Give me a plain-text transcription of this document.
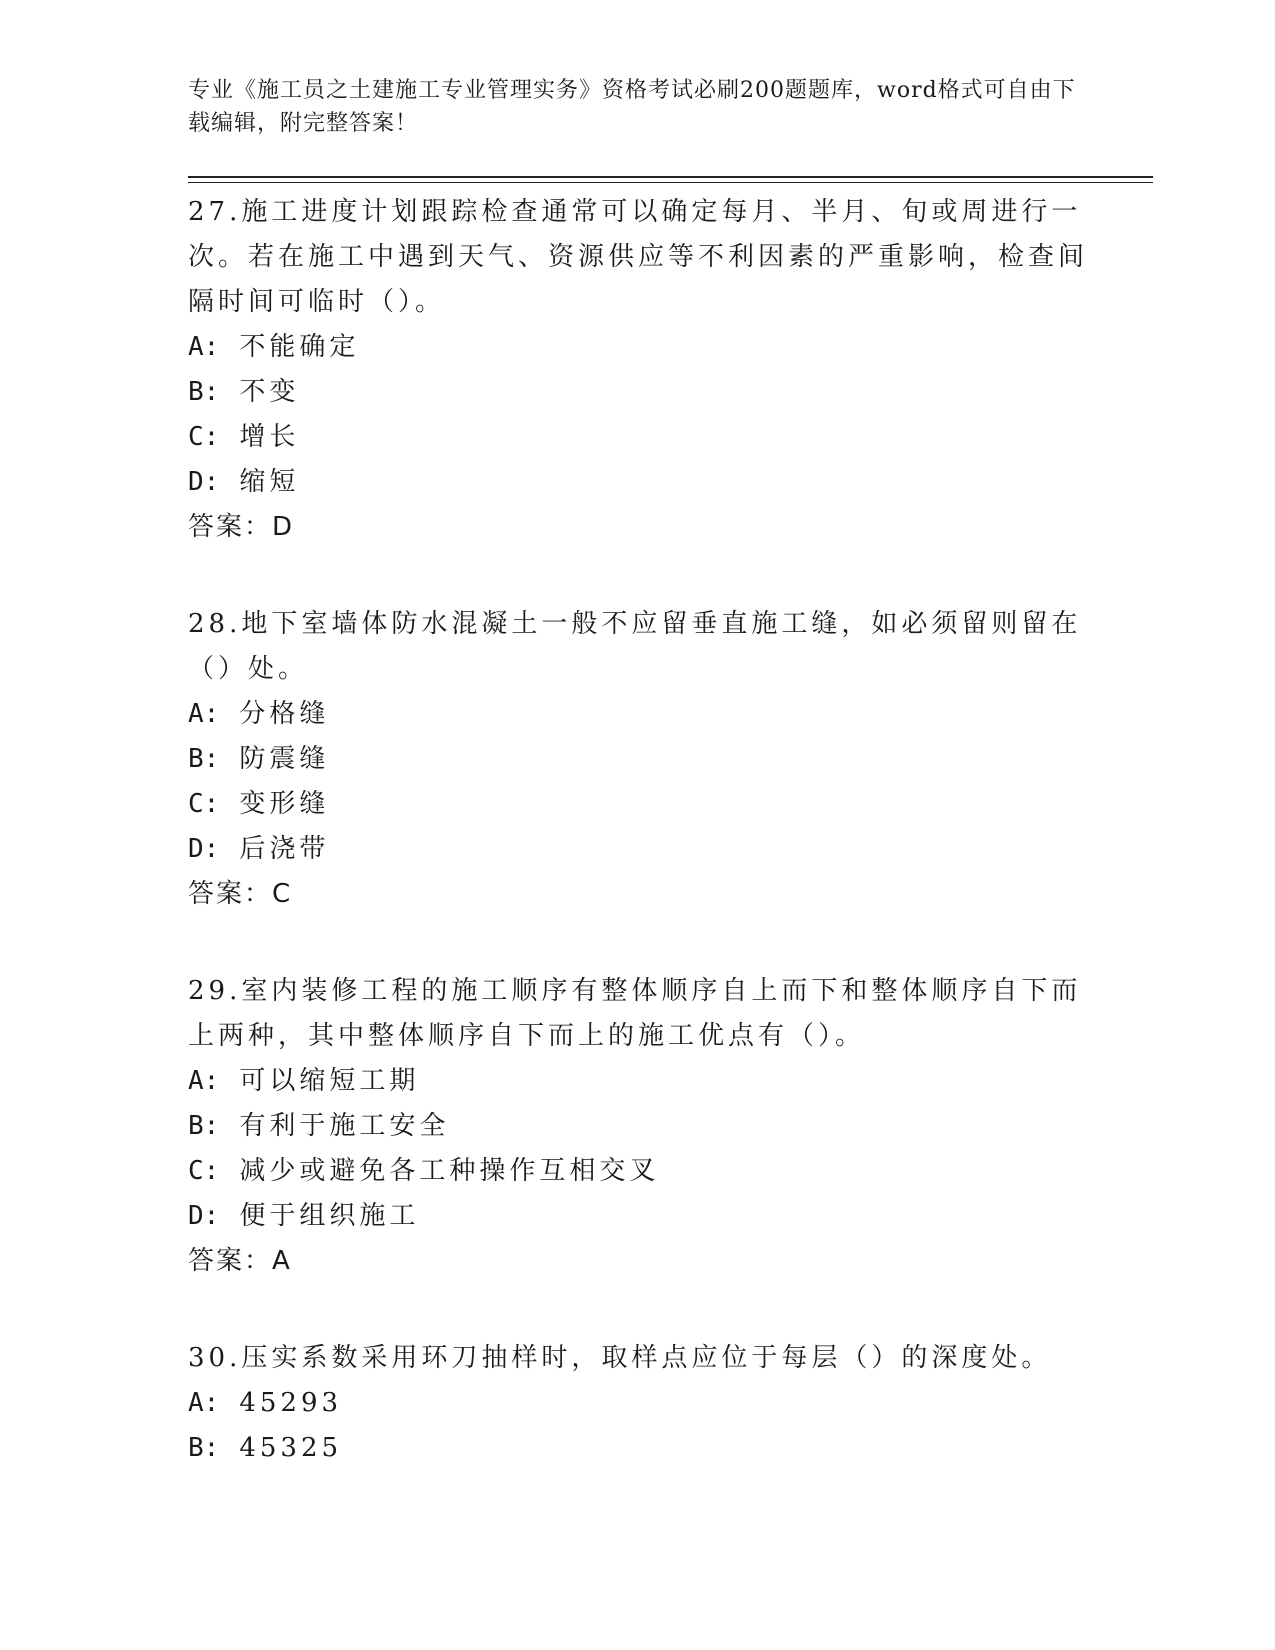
专业《施工员之土建施工专业管理实务》资格考试必刷200题题库，word格式可自由下载编辑，附完整答案！
27.施工进度计划跟踪检查通常可以确定每月、半月、旬或周进行一次。若在施工中遇到天气、资源供应等不利因素的严重影响，检查间隔时间可临时（）。
A: 不能确定
B: 不变
C: 增长
D: 缩短
答案：D
28.地下室墙体防水混凝土一般不应留垂直施工缝，如必须留则留在（）处。
A: 分格缝
B: 防震缝
C: 变形缝
D: 后浇带
答案：C
29.室内装修工程的施工顺序有整体顺序自上而下和整体顺序自下而上两种，其中整体顺序自下而上的施工优点有（）。
A: 可以缩短工期
B: 有利于施工安全
C: 减少或避免各工种操作互相交叉
D: 便于组织施工
答案：A
30.压实系数采用环刀抽样时，取样点应位于每层（）的深度处。
A: 45293
B: 45325
